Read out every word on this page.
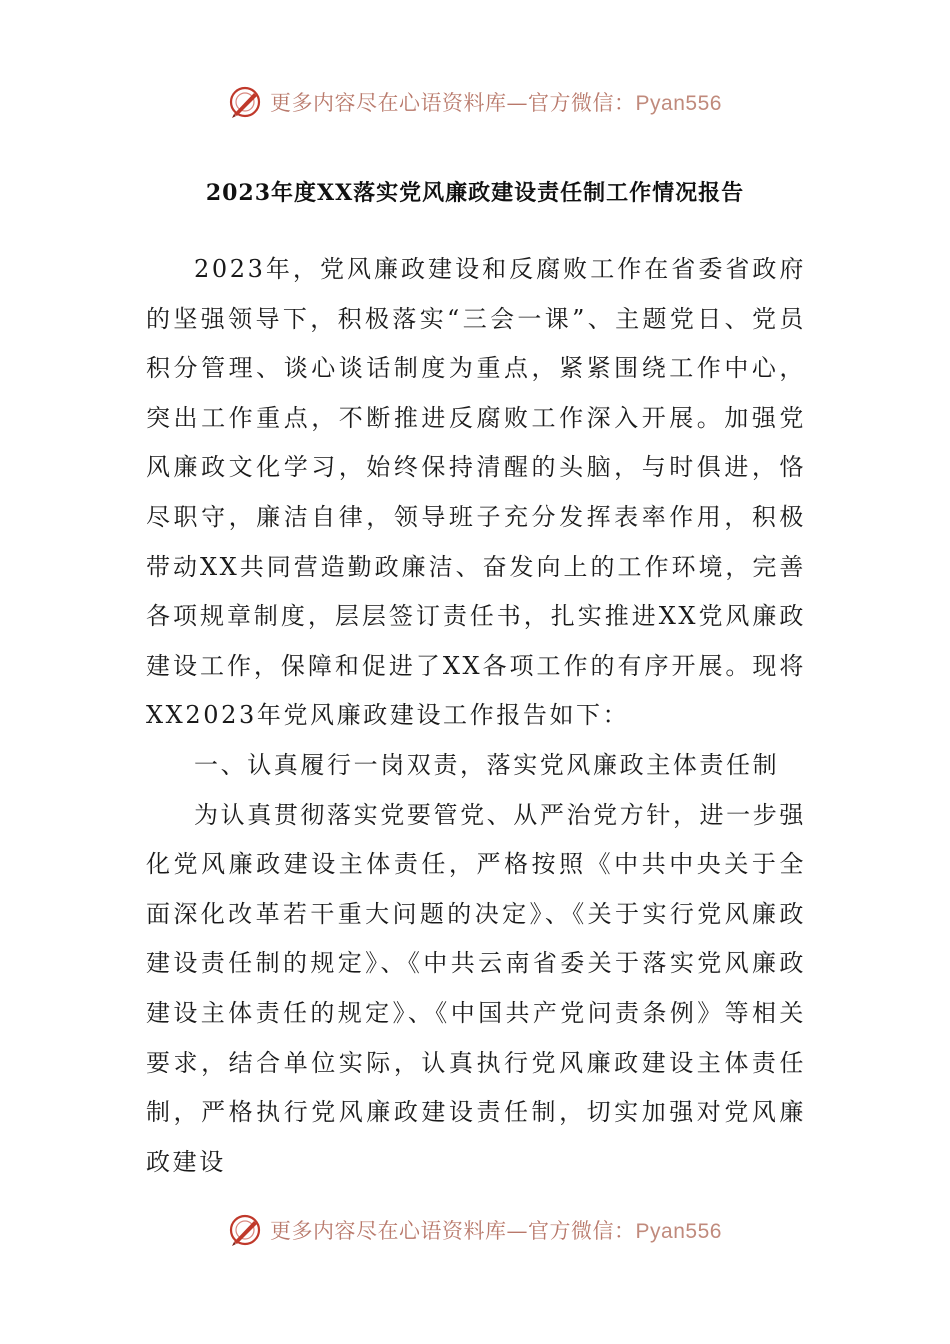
更多内容尽在心语资料库—官方微信：Pyan556
2023年度XX落实党风廉政建设责任制工作情况报告

2023年，党风廉政建设和反腐败工作在省委省政府的坚强领导下，积极落实“三会一课”、主题党日、党员积分管理、谈心谈话制度为重点，紧紧围绕工作中心，突出工作重点，不断推进反腐败工作深入开展。加强党风廉政文化学习，始终保持清醒的头脑，与时俱进，恪尽职守，廉洁自律，领导班子充分发挥表率作用，积极带动XX共同营造勤政廉洁、奋发向上的工作环境，完善各项规章制度，层层签订责任书，扎实推进XX党风廉政建设工作，保障和促进了XX各项工作的有序开展。现将XX2023年党风廉政建设工作报告如下：

一、认真履行一岗双责，落实党风廉政主体责任制

为认真贯彻落实党要管党、从严治党方针，进一步强化党风廉政建设主体责任，严格按照《中共中央关于全面深化改革若干重大问题的决定》、《关于实行党风廉政建设责任制的规定》、《中共云南省委关于落实党风廉政建设主体责任的规定》、《中国共产党问责条例》等相关要求，结合单位实际，认真执行党风廉政建设主体责任制，严格执行党风廉政建设责任制，切实加强对党风廉政建设

更多内容尽在心语资料库—官方微信：Pyan556
